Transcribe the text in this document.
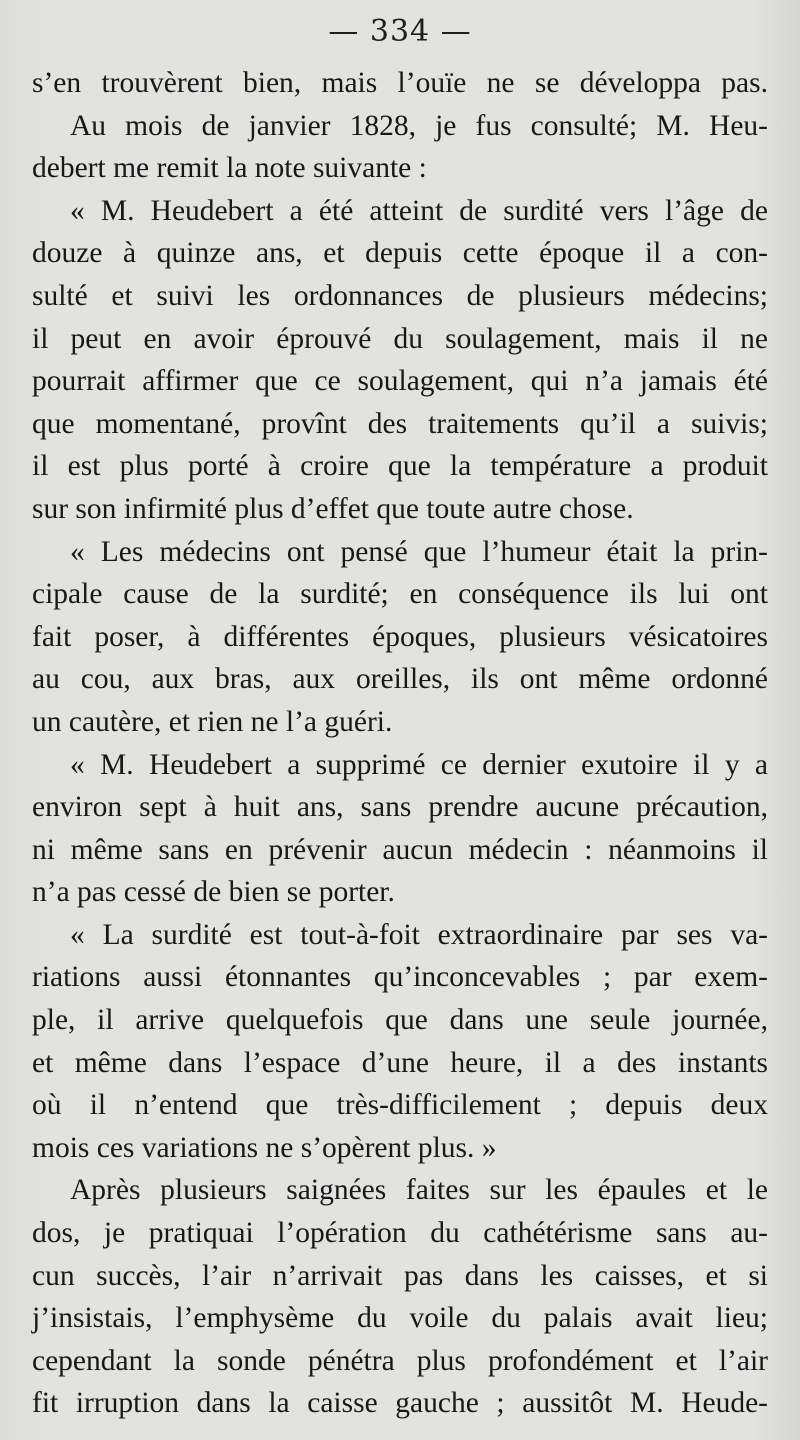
— 334 —
s’en trouvèrent bien, mais l’ouïe ne se développa pas.
Au mois de janvier 1828, je fus consulté; M. Heu-
debert me remit la note suivante :
« M. Heudebert a été atteint de surdité vers l’âge de
douze à quinze ans, et depuis cette époque il a con-
sulté et suivi les ordonnances de plusieurs médecins;
il peut en avoir éprouvé du soulagement, mais il ne
pourrait affirmer que ce soulagement, qui n’a jamais été
que momentané, provînt des traitements qu’il a suivis;
il est plus porté à croire que la température a produit
sur son infirmité plus d’effet que toute autre chose.
« Les médecins ont pensé que l’humeur était la prin-
cipale cause de la surdité; en conséquence ils lui ont
fait poser, à différentes époques, plusieurs vésicatoires
au cou, aux bras, aux oreilles, ils ont même ordonné
un cautère, et rien ne l’a guéri.
« M. Heudebert a supprimé ce dernier exutoire il y a
environ sept à huit ans, sans prendre aucune précaution,
ni même sans en prévenir aucun médecin : néanmoins il
n’a pas cessé de bien se porter.
« La surdité est tout-à-foit extraordinaire par ses va-
riations aussi étonnantes qu’inconcevables ; par exem-
ple, il arrive quelquefois que dans une seule journée,
et même dans l’espace d’une heure, il a des instants
où il n’entend que très-difficilement ; depuis deux
mois ces variations ne s’opèrent plus. »
Après plusieurs saignées faites sur les épaules et le
dos, je pratiquai l’opération du cathétérisme sans au-
cun succès, l’air n’arrivait pas dans les caisses, et si
j’insistais, l’emphysème du voile du palais avait lieu;
cependant la sonde pénétra plus profondément et l’air
fit irruption dans la caisse gauche ; aussitôt M. Heude-
